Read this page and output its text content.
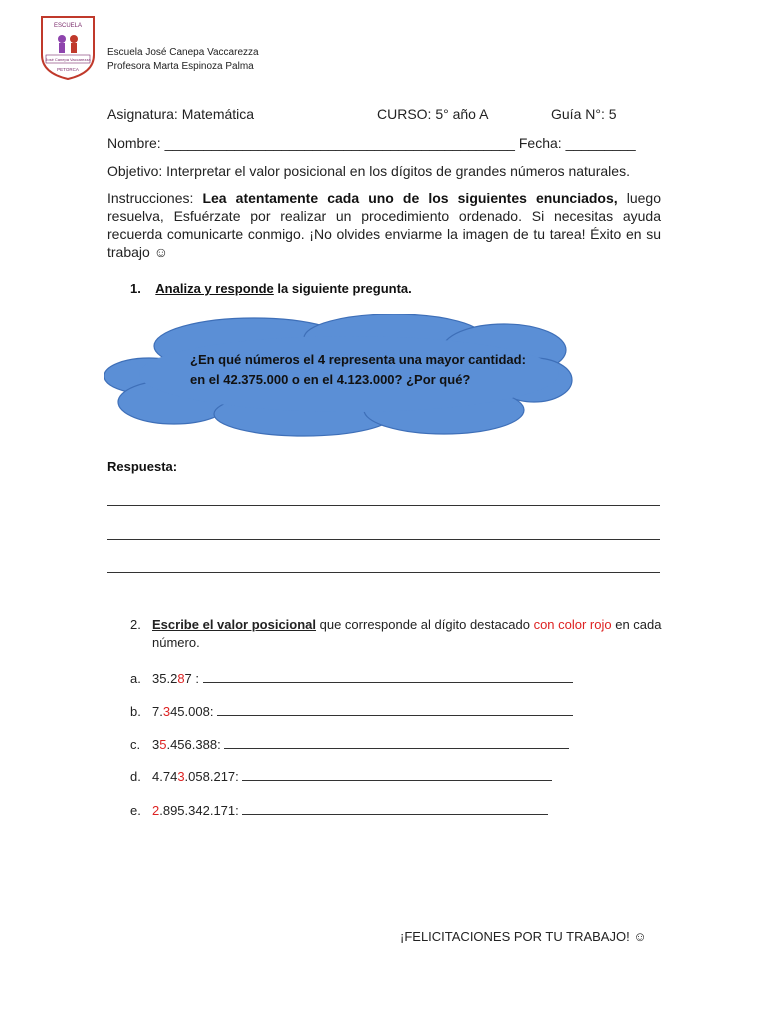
ESCUELA
José Canepa Vaccarezza
PETORCA
Escuela José Canepa Vaccarezza
Profesora Marta Espinoza Palma
Asignatura: Matemática	CURSO: 5° año A	Guía N°: 5
Nombre: _____________________________________________ Fecha: _________
Objetivo: Interpretar el valor posicional en los dígitos de grandes números naturales.
Instrucciones: Lea atentamente cada uno de los siguientes enunciados, luego resuelva, Esfuérzate por realizar un procedimiento ordenado. Si necesitas ayuda recuerda comunicarte conmigo. ¡No olvides enviarme la imagen de tu tarea! Éxito en su trabajo ☺
1. Analiza y responde la siguiente pregunta.
¿En qué números el 4 representa una mayor cantidad:
en el 42.375.000 o en el 4.123.000? ¿Por qué?
Respuesta:
2. Escribe el valor posicional que corresponde al dígito destacado con color rojo en cada número.
a. 35.287 :
b. 7.345.008:
c. 35.456.388:
d. 4.743.058.217:
e. 2.895.342.171:
¡FELICITACIONES POR TU TRABAJO! ☺
